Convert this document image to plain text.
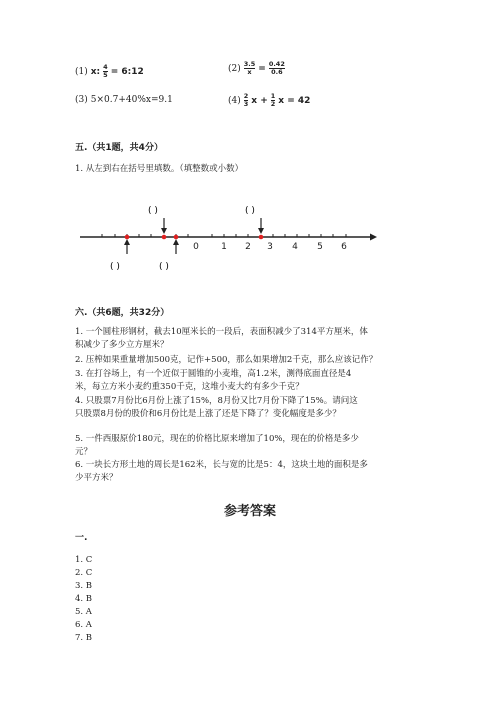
(1) x: $\frac{4}{5}$ = 6:12	$(2) \frac{3.5}{x} = \frac{0.42}{0.6}$
(3) 5×0.7+40%x=9.1	$(4) \frac{2}{3}$ $x + \frac{1}{2}$ x = 42
五.（共1题，共4分）
1. 从左到右在括号里填数。（填整数或小数）
( )	( )
0 1 2 3 4 5 6
( )	( )
六.（共6题，共32分）
1. 一个圆柱形钢材，截去10厘米长的一段后，表面积减少了314平方厘米，体
积减少了多少立方厘米？
2. 压榨如果重量增加500克，记作+500，那么如果增加2千克，那么应该记作？
3. 在打谷场上，有一个近似于圆锥的小麦堆，高1.2米，测得底面直径是4
米，每立方米小麦约重350千克，这堆小麦大约有多少千克？
4. 只股票7月份比6月份上涨了15%，8月份又比7月份下降了15%。请问这
只股票8月份的股价和6月份比是上涨了还是下降了？变化幅度是多少？
5. 一件西服原价180元，现在的价格比原来增加了10%，现在的价格是多少
元？
6. 一块长方形土地的周长是162米，长与宽的比是5：4，这块土地的面积是多
少平方米？
参考答案
一.
1. C
2. C
3. B
4. B
5. A
6. A
7. B
